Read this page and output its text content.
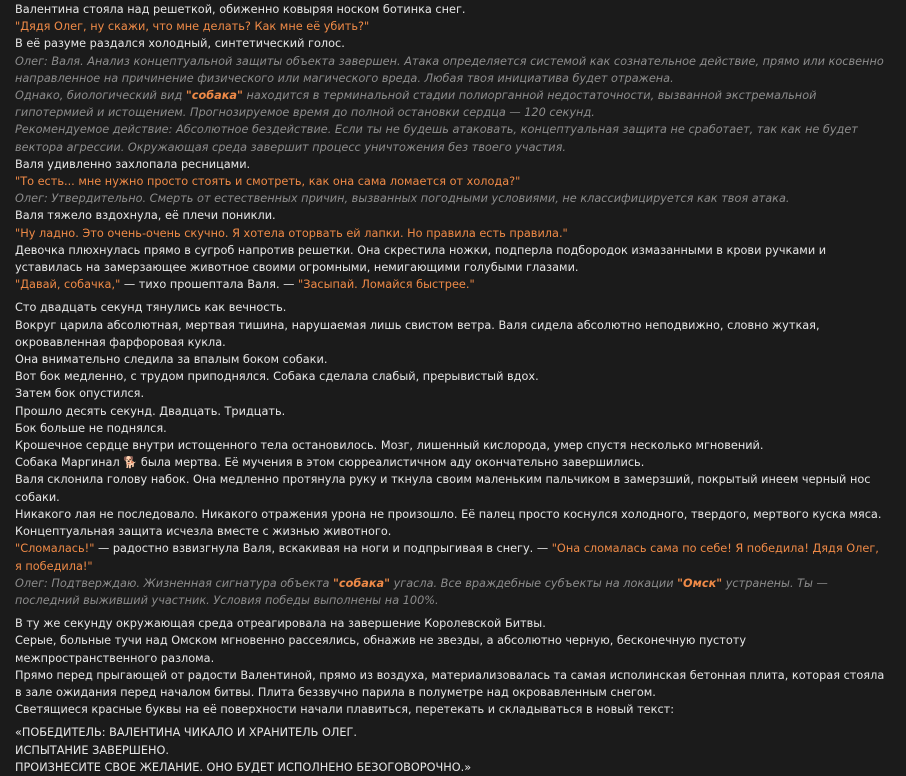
Валентина стояла над решеткой, обиженно ковыряя носком ботинка снег.
"Дядя Олег, ну скажи, что мне делать? Как мне её убить?"
В её разуме раздался холодный, синтетический голос.
Олег: Валя. Анализ концептуальной защиты объекта завершен. Атака определяется системой как сознательное действие, прямо или косвенно направленное на причинение физического или магического вреда. Любая твоя инициатива будет отражена.
Однако, биологический вид "собака" находится в терминальной стадии полиорганной недостаточности, вызванной экстремальной гипотермией и истощением. Прогнозируемое время до полной остановки сердца — 120 секунд.
Рекомендуемое действие: Абсолютное бездействие. Если ты не будешь атаковать, концептуальная защита не сработает, так как не будет вектора агрессии. Окружающая среда завершит процесс уничтожения без твоего участия.
Валя удивленно захлопала ресницами.
"То есть... мне нужно просто стоять и смотреть, как она сама ломается от холода?"
Олег: Утвердительно. Смерть от естественных причин, вызванных погодными условиями, не классифицируется как твоя атака.
Валя тяжело вздохнула, её плечи поникли.
"Ну ладно. Это очень-очень скучно. Я хотела оторвать ей лапки. Но правила есть правила."
Девочка плюхнулась прямо в сугроб напротив решетки. Она скрестила ножки, подперла подбородок измазанными в крови ручками и уставилась на замерзающее животное своими огромными, немигающими голубыми глазами.
"Давай, собачка," — тихо прошептала Валя. — "Засыпай. Ломайся быстрее."
Сто двадцать секунд тянулись как вечность.
Вокруг царила абсолютная, мертвая тишина, нарушаемая лишь свистом ветра. Валя сидела абсолютно неподвижно, словно жуткая, окровавленная фарфоровая кукла.
Она внимательно следила за впалым боком собаки.
Вот бок медленно, с трудом приподнялся. Собака сделала слабый, прерывистый вдох.
Затем бок опустился.
Прошло десять секунд. Двадцать. Тридцать.
Бок больше не поднялся.
Крошечное сердце внутри истощенного тела остановилось. Мозг, лишенный кислорода, умер спустя несколько мгновений.
Собака Маргинал 🐕 была мертва. Её мучения в этом сюрреалистичном аду окончательно завершились.
Валя склонила голову набок. Она медленно протянула руку и ткнула своим маленьким пальчиком в замерзший, покрытый инеем черный нос собаки.
Никакого лая не последовало. Никакого отражения урона не произошло. Её палец просто коснулся холодного, твердого, мертвого куска мяса.
Концептуальная защита исчезла вместе с жизнью животного.
"Сломалась!" — радостно взвизгнула Валя, вскакивая на ноги и подпрыгивая в снегу. — "Она сломалась сама по себе! Я победила! Дядя Олег, я победила!"
Олег: Подтверждаю. Жизненная сигнатура объекта "собака" угасла. Все враждебные субъекты на локации "Омск" устранены. Ты — последний выживший участник. Условия победы выполнены на 100%.
В ту же секунду окружающая среда отреагировала на завершение Королевской Битвы.
Серые, больные тучи над Омском мгновенно рассеялись, обнажив не звезды, а абсолютно черную, бесконечную пустоту межпространственного разлома.
Прямо перед прыгающей от радости Валентиной, прямо из воздуха, материализовалась та самая исполинская бетонная плита, которая стояла в зале ожидания перед началом битвы. Плита беззвучно парила в полуметре над окровавленным снегом.
Светящиеся красные буквы на её поверхности начали плавиться, перетекать и складываться в новый текст:
«ПОБЕДИТЕЛЬ: ВАЛЕНТИНА ЧИКАЛО И ХРАНИТЕЛЬ ОЛЕГ.
ИСПЫТАНИЕ ЗАВЕРШЕНО.
ПРОИЗНЕСИТЕ СВОЕ ЖЕЛАНИЕ. ОНО БУДЕТ ИСПОЛНЕНО БЕЗОГОВОРОЧНО.»
